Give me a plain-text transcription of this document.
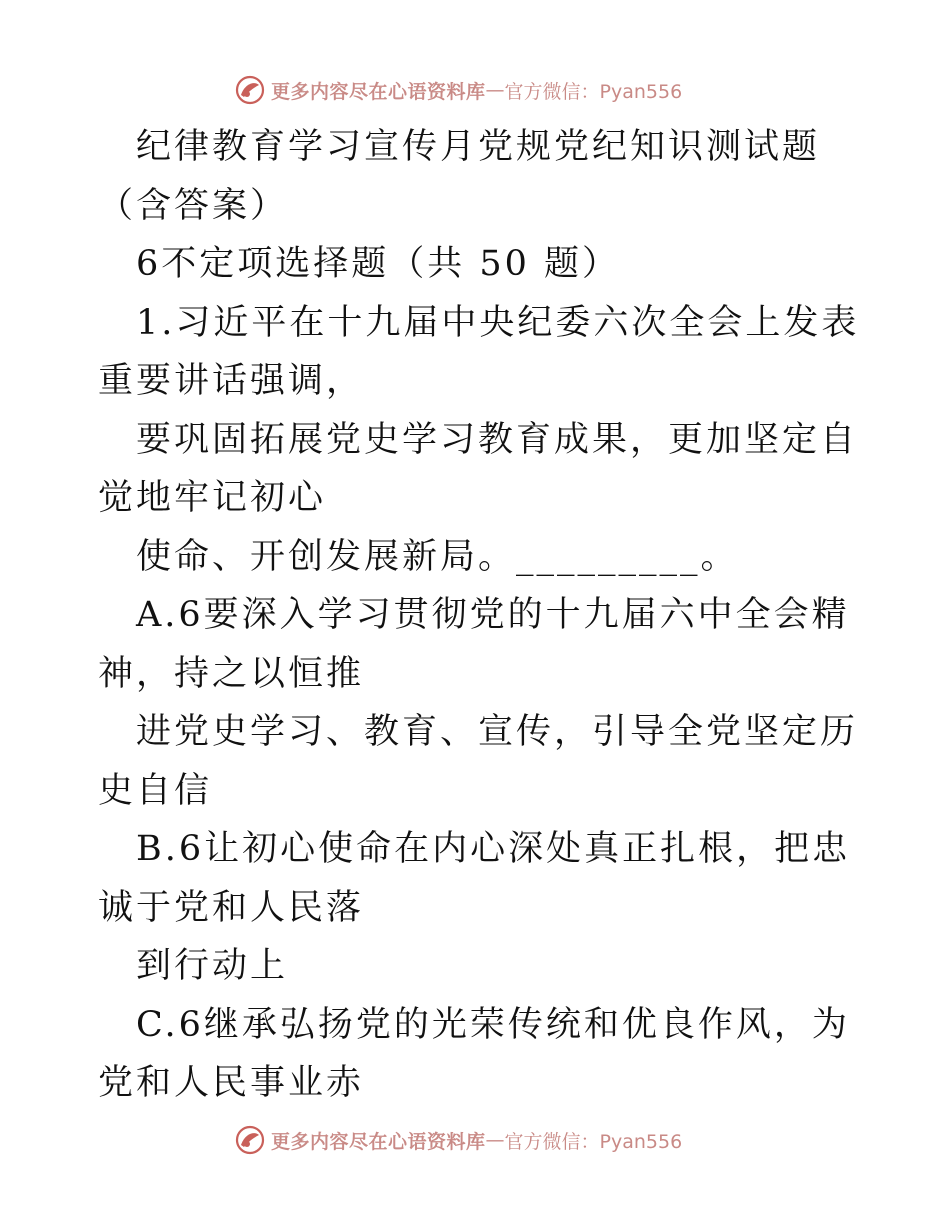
更多内容尽在心语资料库 — 官方微信：Pyan556

纪律教育学习宣传月党规党纪知识测试题（含答案）

6不定项选择题（共 50 题）

1.习近平在十九届中央纪委六次全会上发表重要讲话强调，

要巩固拓展党史学习教育成果，更加坚定自觉地牢记初心

使命、开创发展新局。_________。

A.6要深入学习贯彻党的十九届六中全会精神，持之以恒推

进党史学习、教育、宣传，引导全党坚定历史自信

B.6让初心使命在内心深处真正扎根，把忠诚于党和人民落

到行动上

C.6继承弘扬党的光荣传统和优良作风，为党和人民事业赤

更多内容尽在心语资料库 — 官方微信：Pyan556
